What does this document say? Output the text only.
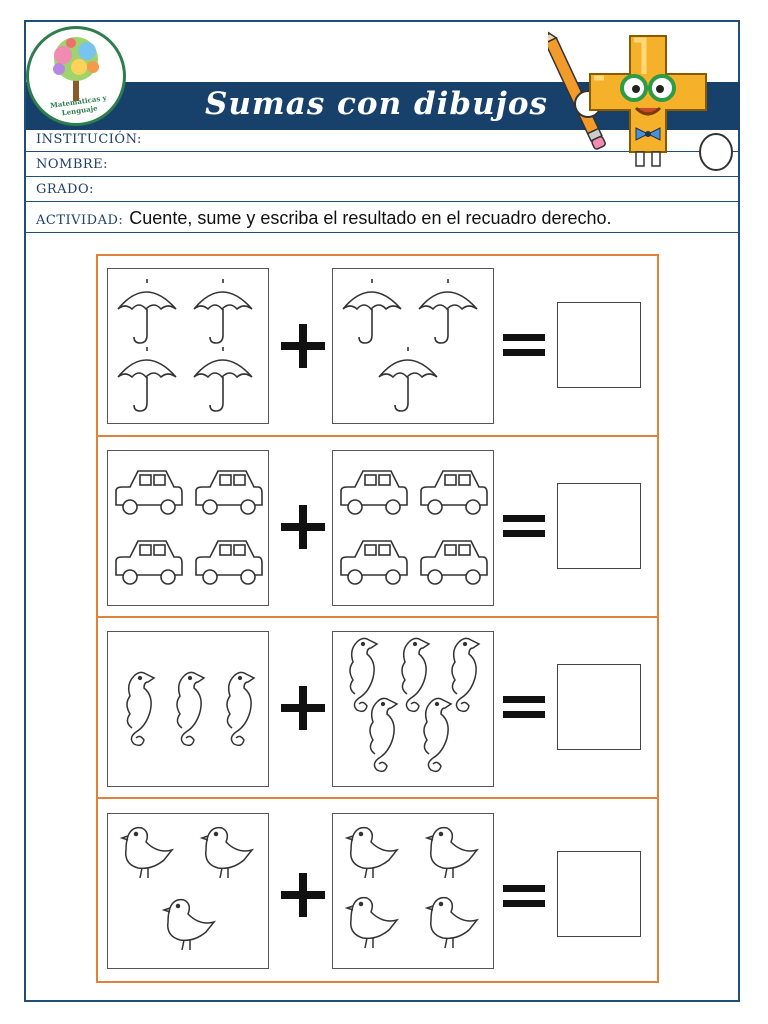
Sumas con dibujos
Matemáticas y Lenguaje
INSTITUCIÓN:
NOMBRE:
GRADO:
ACTIVIDAD: Cuente, sume y escriba el resultado en el recuadro derecho.
